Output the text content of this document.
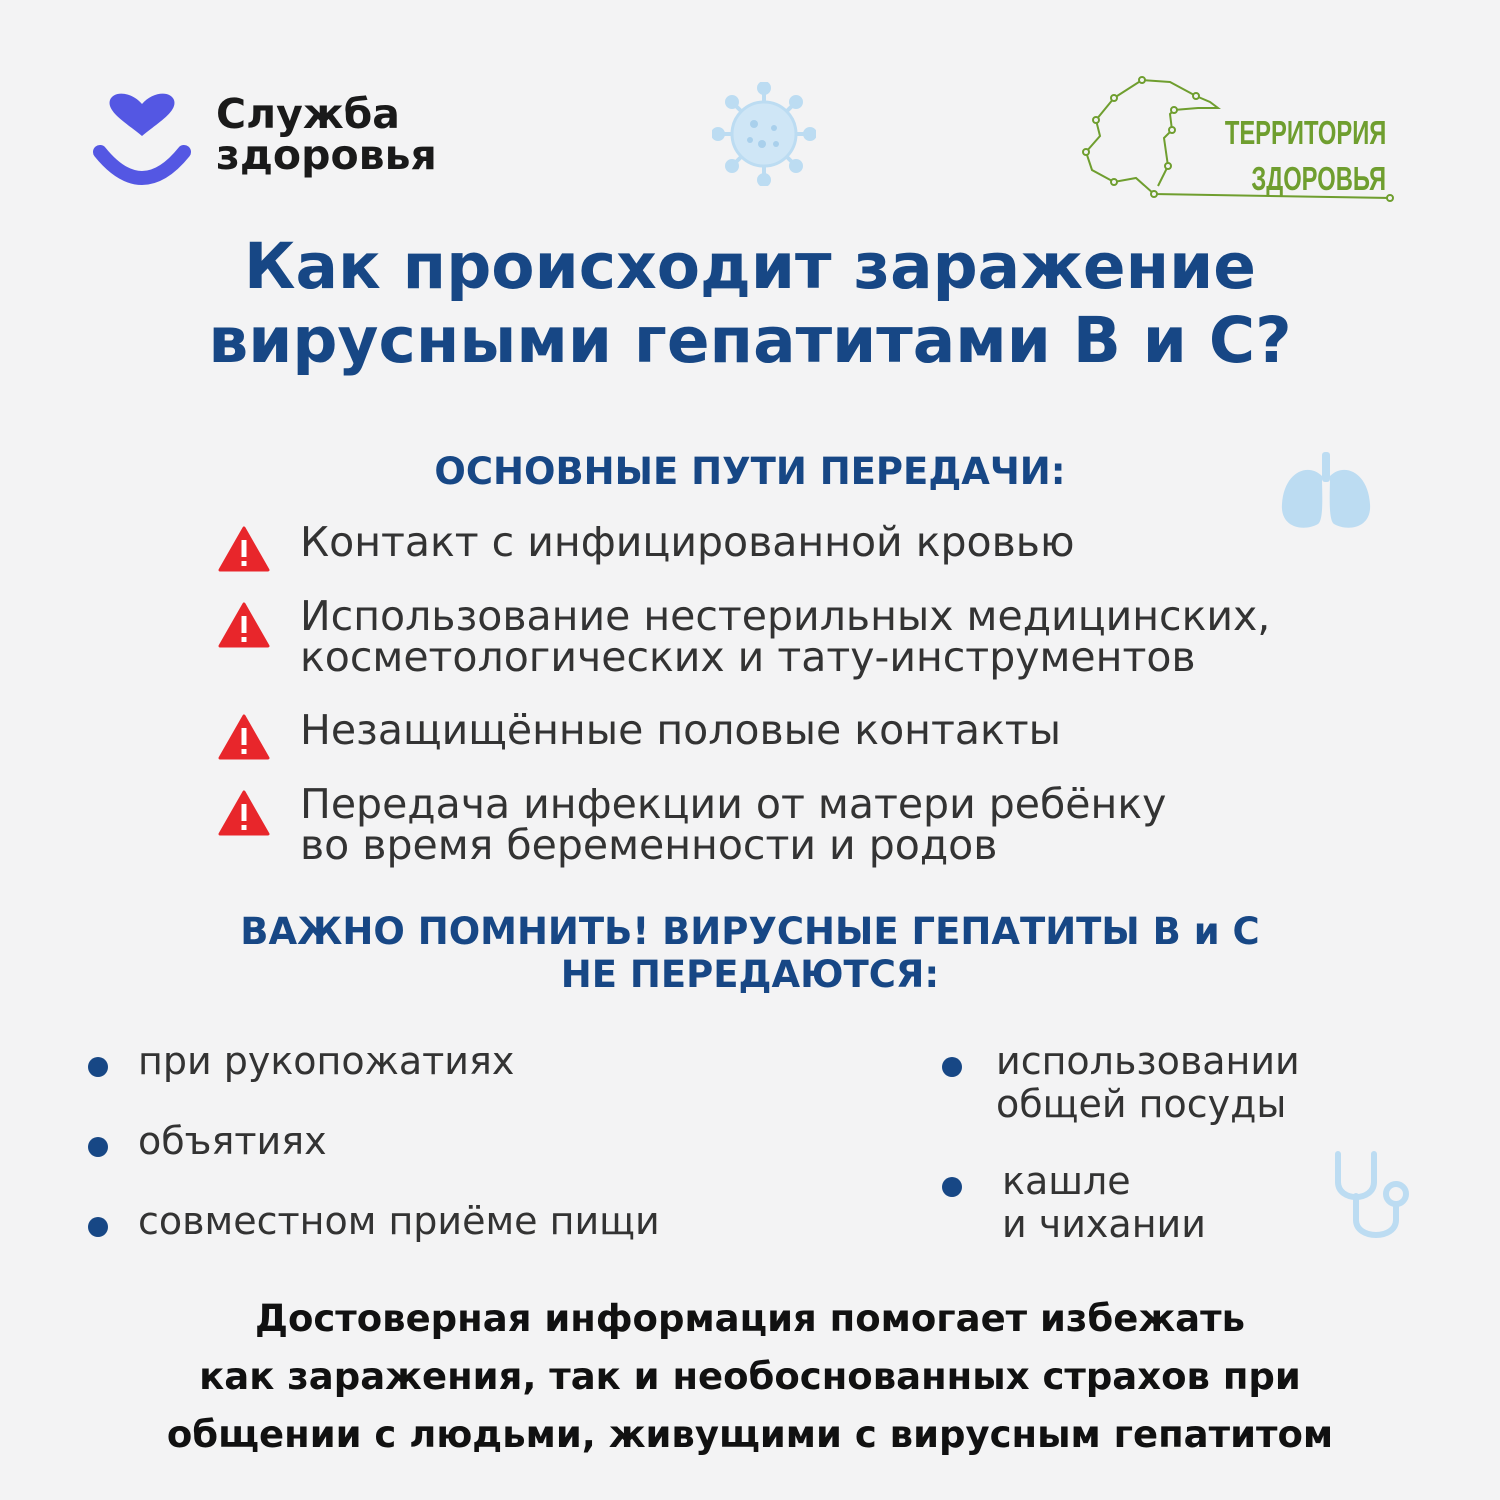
Служба
здоровья	ТЕРРИТОРИЯ
ЗДОРОВЬЯ
Как происходит заражение
вирусными гепатитами В и С?
ОСНОВНЫЕ ПУТИ ПЕРЕДАЧИ:
Контакт с инфицированной кровью
Использование нестерильных медицинских,
косметологических и тату-инструментов
Незащищённые половые контакты
Передача инфекции от матери ребёнку
во время беременности и родов
ВАЖНО ПОМНИТЬ! ВИРУСНЫЕ ГЕПАТИТЫ В и С
НЕ ПЕРЕДАЮТСЯ:
при рукопожатиях
объятиях
совместном приёме пищи
использовании
общей посуды
кашле
и чихании
Достоверная информация помогает избежать
как заражения, так и необоснованных страхов при
общении с людьми, живущими с вирусным гепатитом
